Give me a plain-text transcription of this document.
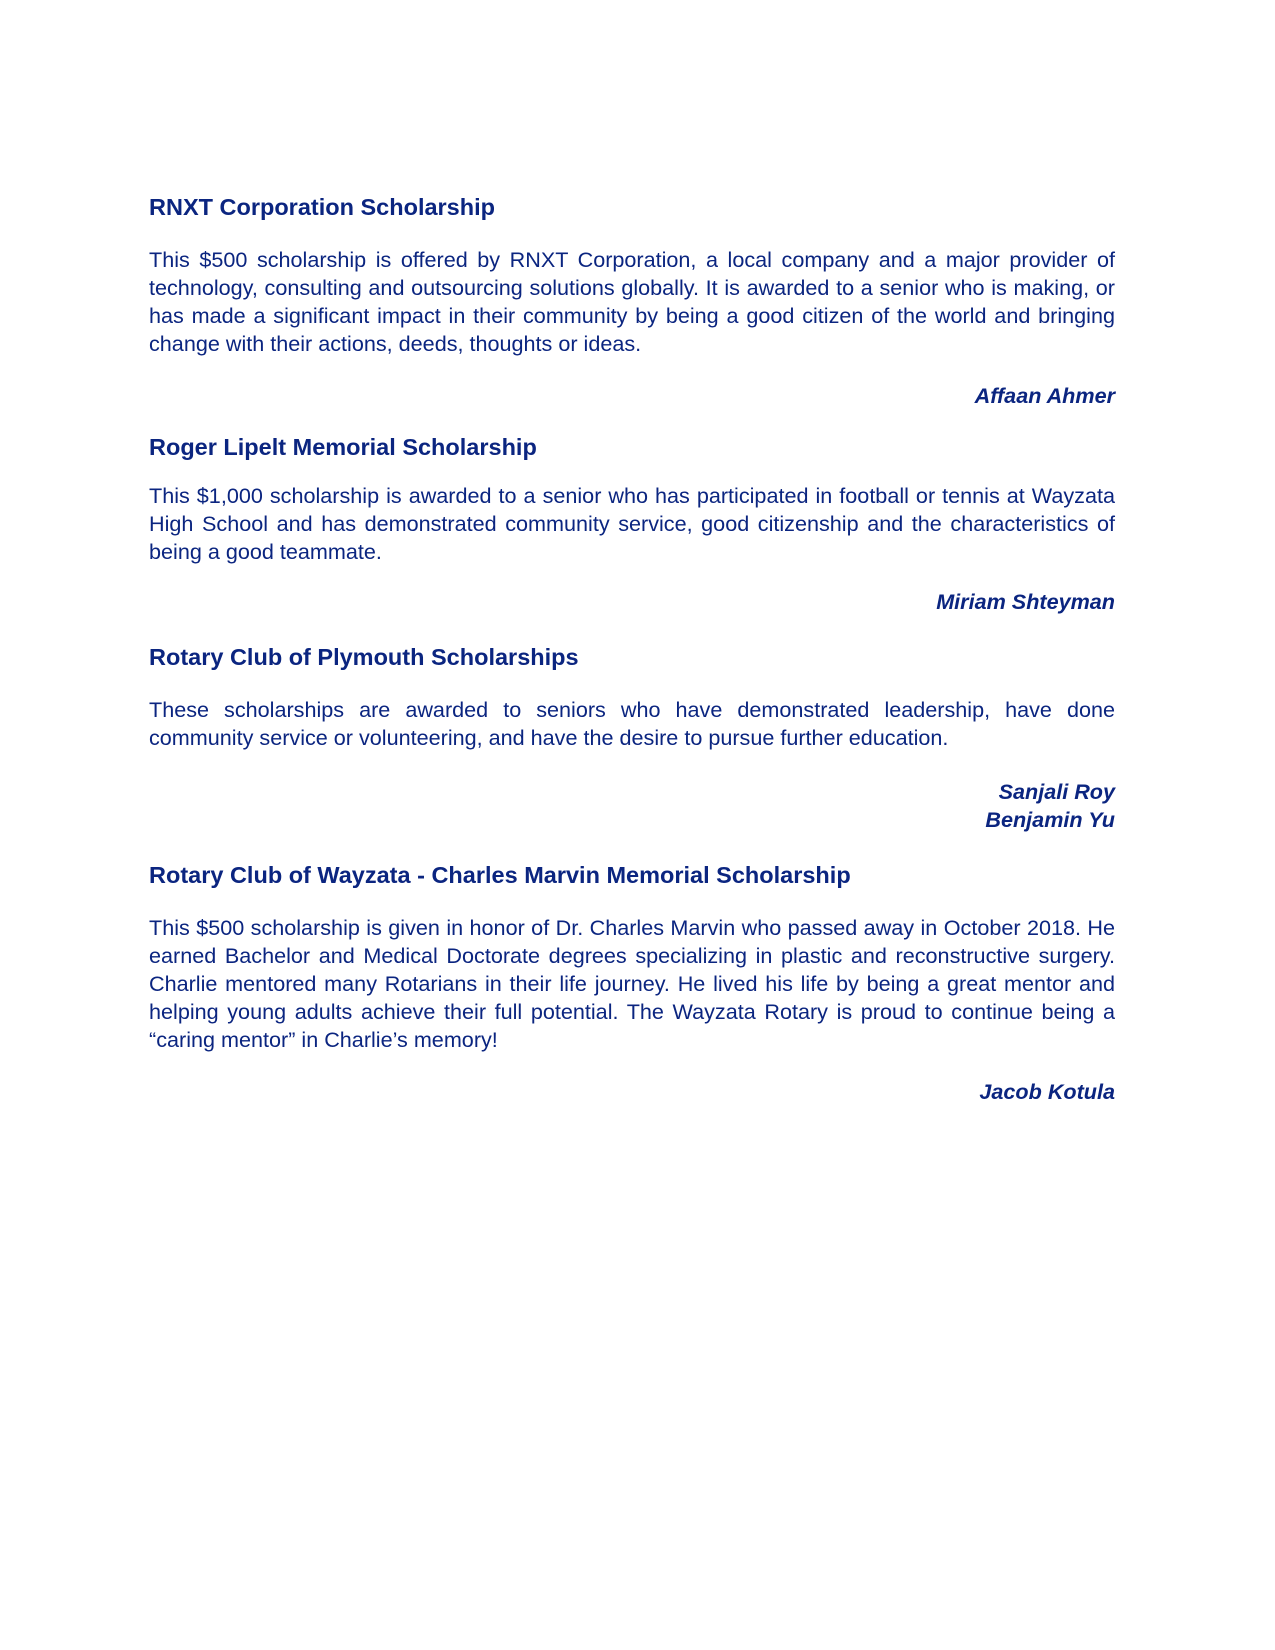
RNXT Corporation Scholarship

This $500 scholarship is offered by RNXT Corporation, a local company and a major provider of technology, consulting and outsourcing solutions globally. It is awarded to a senior who is making, or has made a significant impact in their community by being a good citizen of the world and bringing change with their actions, deeds, thoughts or ideas.

Affaan Ahmer
Roger Lipelt Memorial Scholarship

This $1,000 scholarship is awarded to a senior who has participated in football or tennis at Wayzata High School and has demonstrated community service, good citizenship and the characteristics of being a good teammate.

Miriam Shteyman
Rotary Club of Plymouth Scholarships

These scholarships are awarded to seniors who have demonstrated leadership, have done community service or volunteering, and have the desire to pursue further education.

Sanjali Roy
Benjamin Yu
Rotary Club of Wayzata - Charles Marvin Memorial Scholarship

This $500 scholarship is given in honor of Dr. Charles Marvin who passed away in October 2018. He earned Bachelor and Medical Doctorate degrees specializing in plastic and reconstructive surgery. Charlie mentored many Rotarians in their life journey. He lived his life by being a great mentor and helping young adults achieve their full potential. The Wayzata Rotary is proud to continue being a “caring mentor” in Charlie’s memory!

Jacob Kotula
